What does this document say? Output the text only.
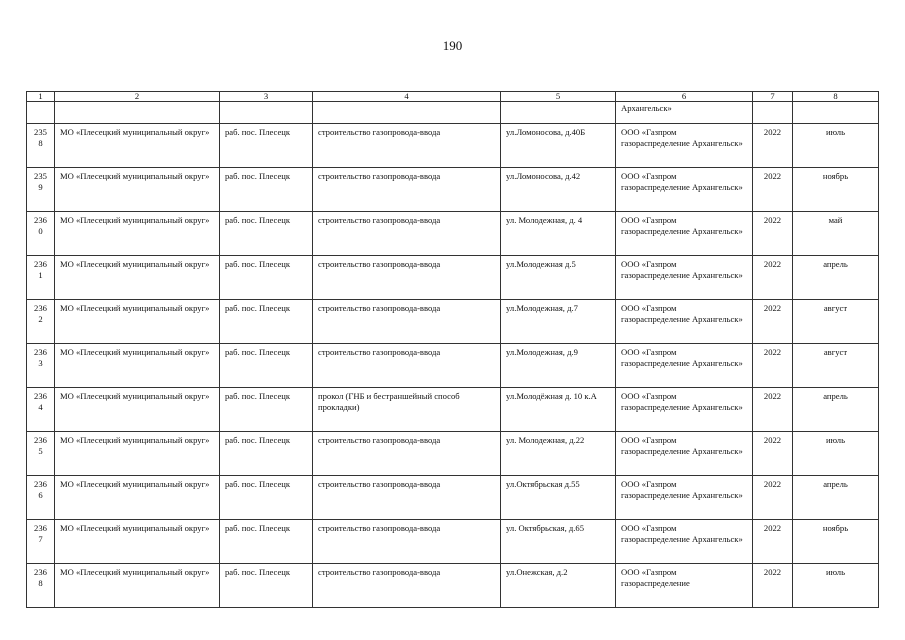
190
1	2	3	4	5	6	7	8
					Архангельск»		
2358	МО «Плесецкий муниципальный округ»	раб. пос. Плесецк	строительство газопровода-ввода	ул.Ломоносова, д.40Б	ООО «Газпром газораспределение Архангельск»	2022	июль
2359	МО «Плесецкий муниципальный округ»	раб. пос. Плесецк	строительство газопровода-ввода	ул.Ломоносова, д.42	ООО «Газпром газораспределение Архангельск»	2022	ноябрь
2360	МО «Плесецкий муниципальный округ»	раб. пос. Плесецк	строительство газопровода-ввода	ул. Молодежная, д. 4	ООО «Газпром газораспределение Архангельск»	2022	май
2361	МО «Плесецкий муниципальный округ»	раб. пос. Плесецк	строительство газопровода-ввода	ул.Молодежная д.5	ООО «Газпром газораспределение Архангельск»	2022	апрель
2362	МО «Плесецкий муниципальный округ»	раб. пос. Плесецк	строительство газопровода-ввода	ул.Молодежная, д.7	ООО «Газпром газораспределение Архангельск»	2022	август
2363	МО «Плесецкий муниципальный округ»	раб. пос. Плесецк	строительство газопровода-ввода	ул.Молодежная, д.9	ООО «Газпром газораспределение Архангельск»	2022	август
2364	МО «Плесецкий муниципальный округ»	раб. пос. Плесецк	прокол (ГНБ и бестраншейный способ прокладки)	ул.Молодёжная д. 10 к.А	ООО «Газпром газораспределение Архангельск»	2022	апрель
2365	МО «Плесецкий муниципальный округ»	раб. пос. Плесецк	строительство газопровода-ввода	ул. Молодежная, д.22	ООО «Газпром газораспределение Архангельск»	2022	июль
2366	МО «Плесецкий муниципальный округ»	раб. пос. Плесецк	строительство газопровода-ввода	ул.Октябрьская д.55	ООО «Газпром газораспределение Архангельск»	2022	апрель
2367	МО «Плесецкий муниципальный округ»	раб. пос. Плесецк	строительство газопровода-ввода	ул. Октябрьская, д.65	ООО «Газпром газораспределение Архангельск»	2022	ноябрь
2368	МО «Плесецкий муниципальный округ»	раб. пос. Плесецк	строительство газопровода-ввода	ул.Онежская, д.2	ООО «Газпром газораспределение	2022	июль
